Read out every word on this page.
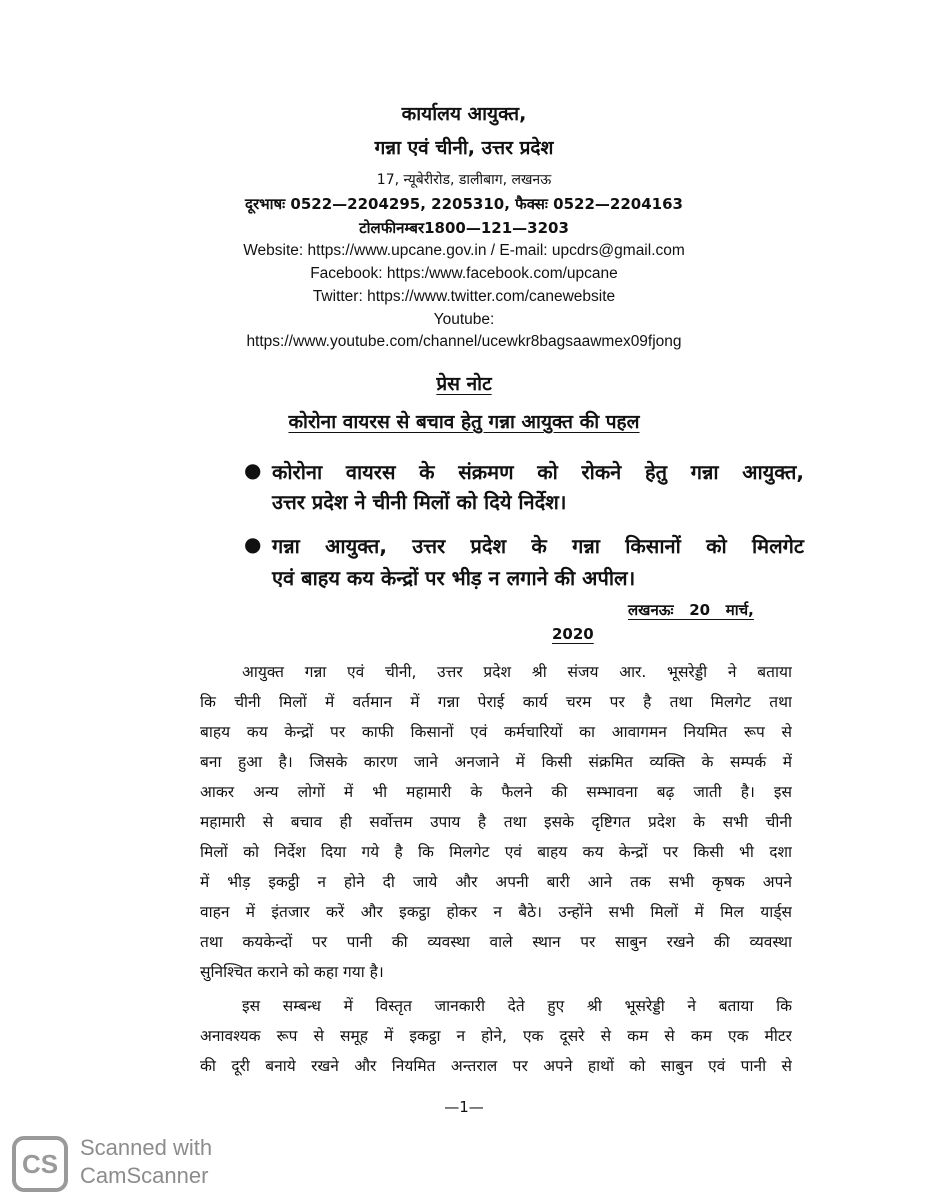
कार्यालय आयुक्त,
गन्ना एवं चीनी, उत्तर प्रदेश
17, न्यूबेरीरोड, डालीबाग, लखनऊ
दूरभाषः 0522—2204295, 2205310, फैक्सः 0522—2204163
टोलफीनम्बर1800—121—3203
Website: https://www.upcane.gov.in / E-mail: upcdrs@gmail.com
Facebook: https:/www.facebook.com/upcane
Twitter: https://www.twitter.com/canewebsite
Youtube:
https://www.youtube.com/channel/ucewkr8bagsaawmex09fjong
प्रेस नोट
कोरोना वायरस से बचाव हेतु गन्ना आयुक्त की पहल
● कोरोना वायरस के संक्रमण को रोकने हेतु गन्ना आयुक्त,
उत्तर प्रदेश ने चीनी मिलों को दिये निर्देश।
● गन्ना आयुक्त, उत्तर प्रदेश के गन्ना किसानों को मिलगेट
एवं बाहय कय केन्द्रों पर भीड़ न लगाने की अपील।
लखनऊः   20   मार्च,
2020
आयुक्त गन्ना एवं चीनी, उत्तर प्रदेश श्री संजय आर. भूसरेड्डी ने बताया
कि चीनी मिलों में वर्तमान में गन्ना पेराई कार्य चरम पर है तथा मिलगेट तथा
बाहय कय केन्द्रों पर काफी किसानों एवं कर्मचारियों का आवागमन नियमित रूप से
बना हुआ है। जिसके कारण जाने अनजाने में किसी संक्रमित व्यक्ति के सम्पर्क में
आकर अन्य लोगों में भी महामारी के फैलने की सम्भावना बढ़ जाती है। इस
महामारी से बचाव ही सर्वोत्तम उपाय है तथा इसके दृष्टिगत प्रदेश के सभी चीनी
मिलों को निर्देश दिया गये है कि मिलगेट एवं बाहय कय केन्द्रों पर किसी भी दशा
में भीड़ इकट्ठी न होने दी जाये और अपनी बारी आने तक सभी कृषक अपने
वाहन में इंतजार करें और इकट्ठा होकर न बैठे। उन्होंने सभी मिलों में मिल यार्ड्स
तथा कयकेन्दों पर पानी की व्यवस्था वाले स्थान पर साबुन रखने की व्यवस्था
सुनिश्चित कराने को कहा गया है।
इस सम्बन्ध में विस्तृत जानकारी देते हुए श्री भूसरेड्डी ने बताया कि
अनावश्यक रूप से समूह में इकट्ठा न होने, एक दूसरे से कम से कम एक मीटर
की दूरी बनाये रखने और नियमित अन्तराल पर अपने हाथों को साबुन एवं पानी से
—1—
CS
Scanned with
CamScanner
